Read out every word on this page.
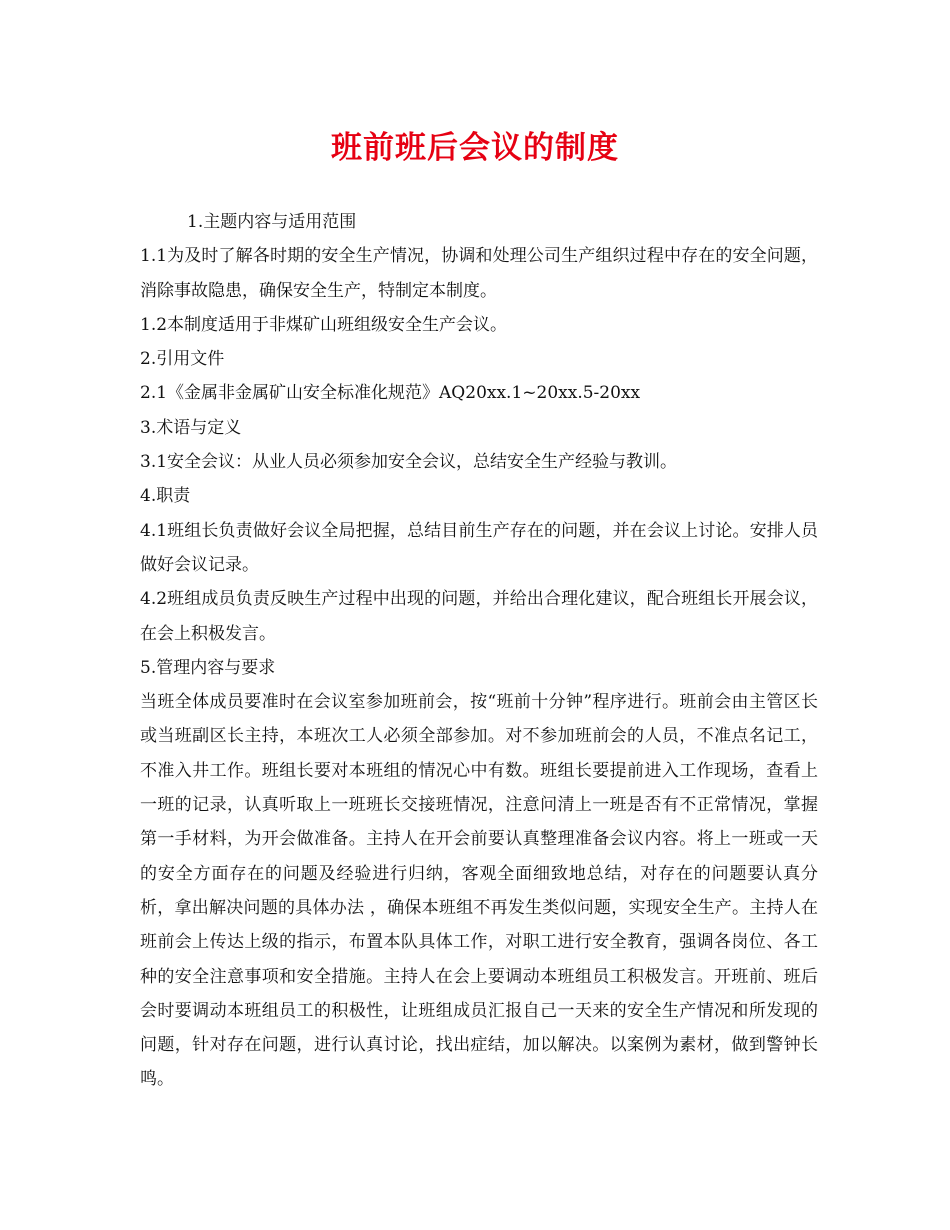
班前班后会议的制度

1.主题内容与适用范围

1.1为及时了解各时期的安全生产情况，协调和处理公司生产组织过程中存在的安全问题，消除事故隐患，确保安全生产，特制定本制度。

1.2本制度适用于非煤矿山班组级安全生产会议。

2.引用文件

2.1《金属非金属矿山安全标准化规范》AQ20xx.1~20xx.5-20xx

3.术语与定义

3.1安全会议：从业人员必须参加安全会议，总结安全生产经验与教训。

4.职责

4.1班组长负责做好会议全局把握，总结目前生产存在的问题，并在会议上讨论。安排人员做好会议记录。

4.2班组成员负责反映生产过程中出现的问题，并给出合理化建议，配合班组长开展会议，在会上积极发言。

5.管理内容与要求

当班全体成员要准时在会议室参加班前会，按“班前十分钟”程序进行。班前会由主管区长或当班副区长主持，本班次工人必须全部参加。对不参加班前会的人员，不准点名记工，不准入井工作。班组长要对本班组的情况心中有数。班组长要提前进入工作现场，查看上一班的记录，认真听取上一班班长交接班情况，注意问清上一班是否有不正常情况，掌握第一手材料，为开会做准备。主持人在开会前要认真整理准备会议内容。将上一班或一天的安全方面存在的问题及经验进行归纳，客观全面细致地总结，对存在的问题要认真分析，拿出解决问题的具体办法 ，确保本班组不再发生类似问题，实现安全生产。主持人在班前会上传达上级的指示，布置本队具体工作，对职工进行安全教育，强调各岗位、各工种的安全注意事项和安全措施。主持人在会上要调动本班组员工积极发言。开班前、班后会时要调动本班组员工的积极性，让班组成员汇报自己一天来的安全生产情况和所发现的问题，针对存在问题，进行认真讨论，找出症结，加以解决。以案例为素材，做到警钟长鸣。
